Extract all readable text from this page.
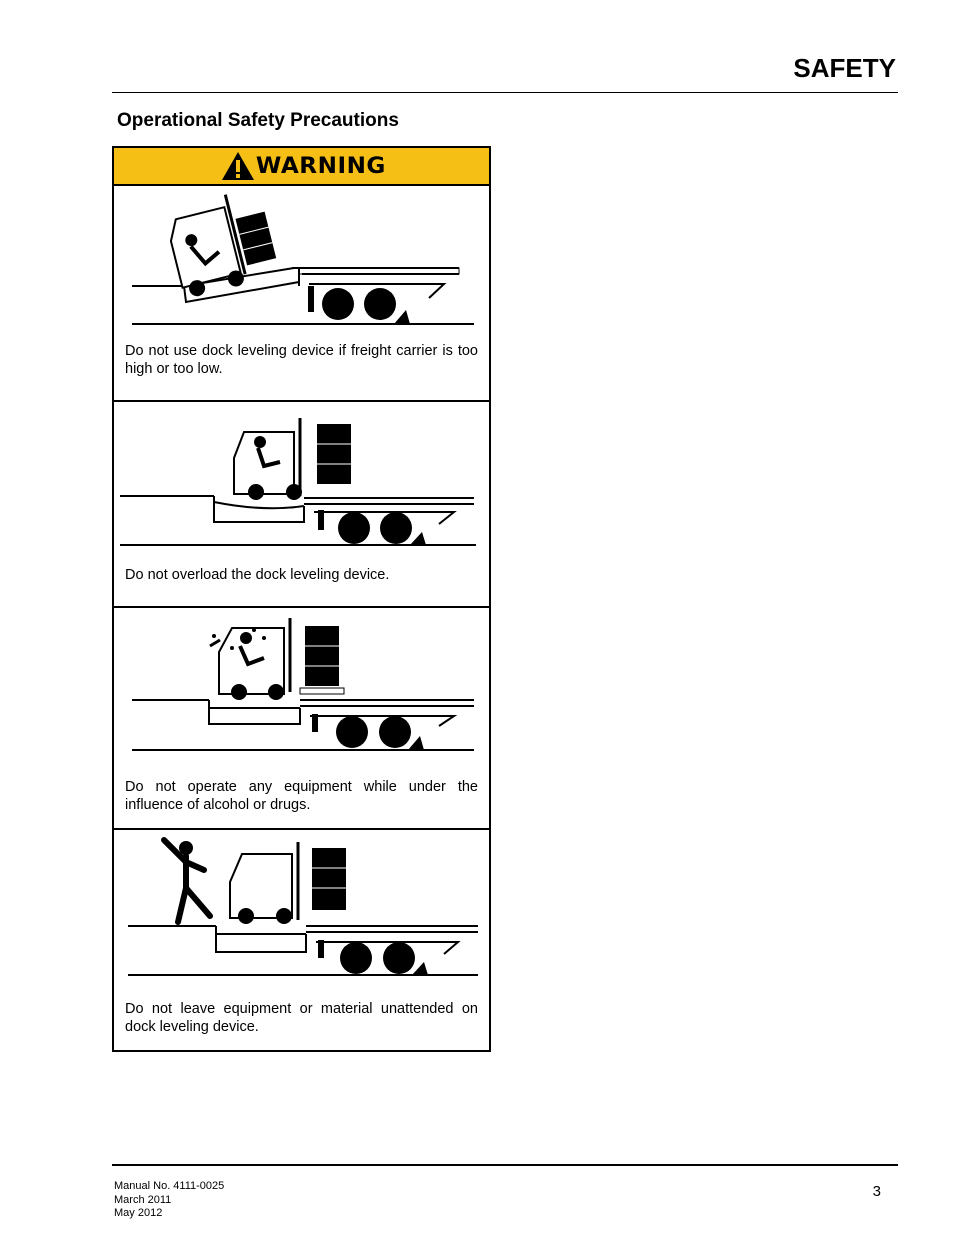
SAFETY
Operational Safety Precautions
WARNING
Do not use dock leveling device if freight carrier is too high or too low.
Do not overload the dock leveling device.
Do not operate any equipment while under the influence of alcohol or drugs.
Do not leave equipment or material unattended on dock leveling device.
Manual No. 4111-0025
March 2011
May 2012
3
